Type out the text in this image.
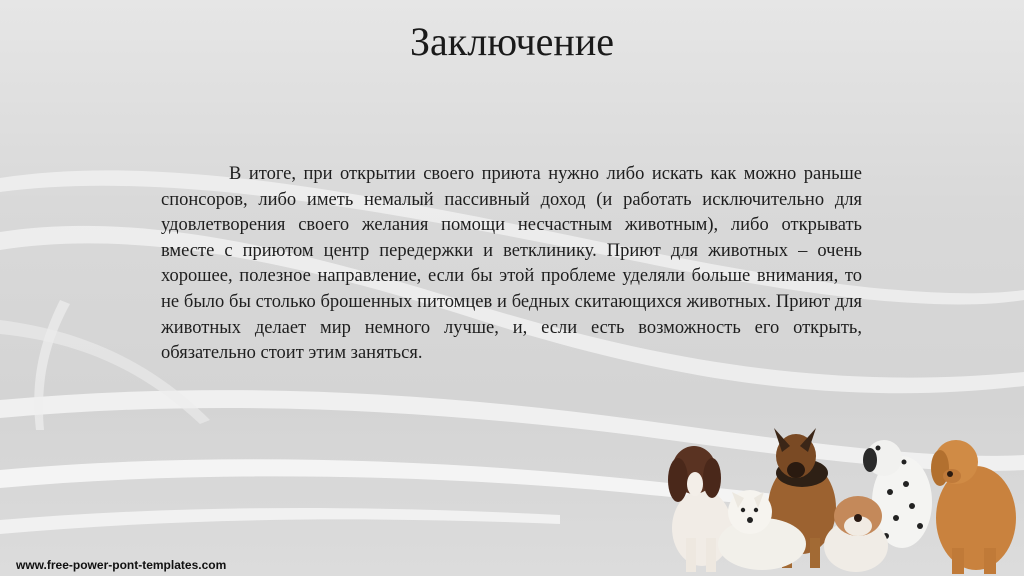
Заключение

В итоге, при открытии своего приюта нужно либо искать как можно раньше спонсоров, либо иметь немалый пассивный доход (и работать исключительно для удовлетворения своего желания помощи несчастным животным), либо открывать вместе с приютом центр передержки и ветклинику. Приют для животных – очень хорошее, полезное направление, если бы этой проблеме уделяли больше внимания, то не было бы столько брошенных питомцев и бедных скитающихся животных. Приют для животных делает мир немного лучше, и, если есть возможность его открыть, обязательно стоит этим заняться.

www.free-power-pont-templates.com
